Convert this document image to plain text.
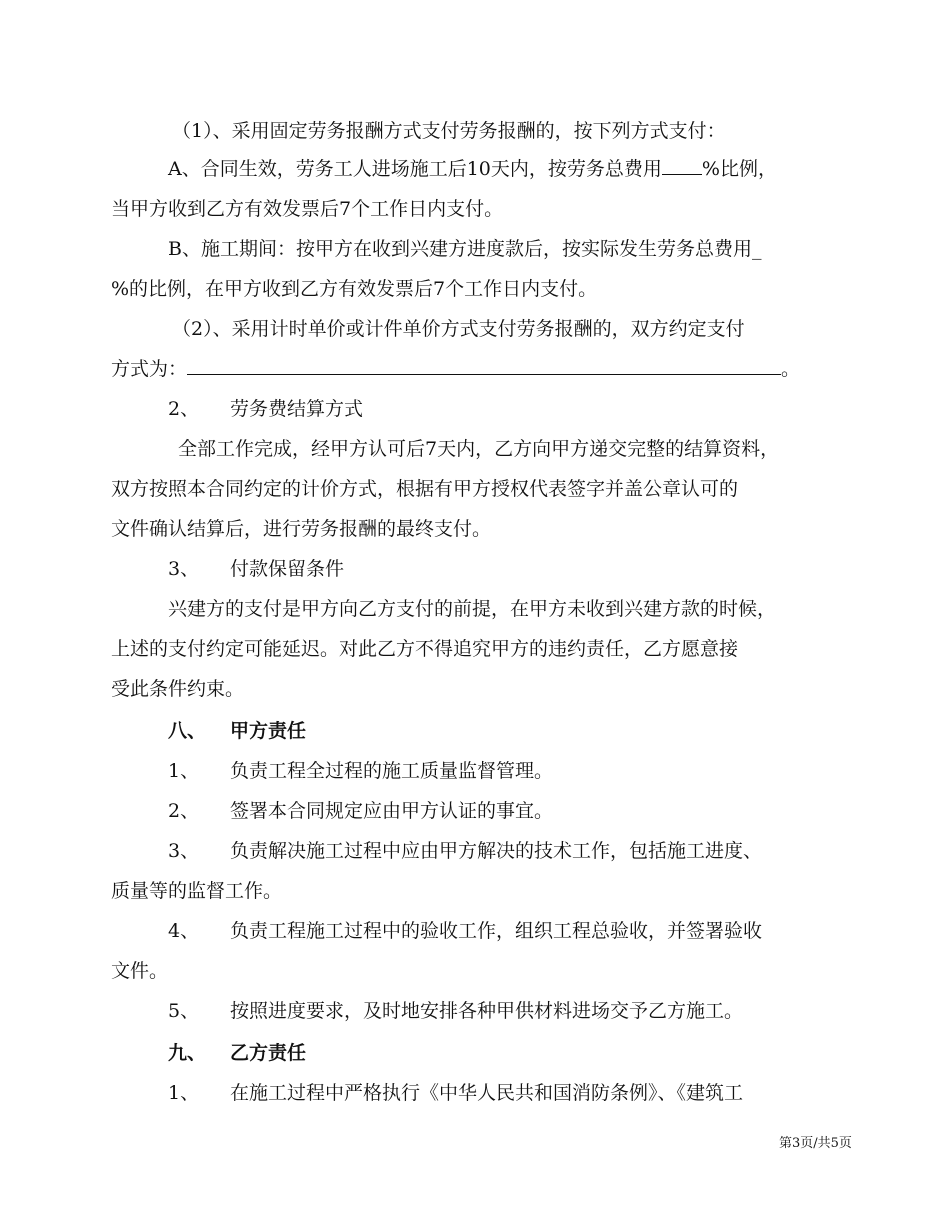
（1）、采用固定劳务报酬方式支付劳务报酬的，按下列方式支付：
A、合同生效，劳务工人进场施工后10天内，按劳务总费用 %比例，
当甲方收到乙方有效发票后7个工作日内支付。
B、施工期间：按甲方在收到兴建方进度款后，按实际发生劳务总费用_
%的比例，在甲方收到乙方有效发票后7个工作日内支付。
（2）、采用计时单价或计件单价方式支付劳务报酬的，双方约定支付
方式为：	。
2、 劳务费结算方式
全部工作完成，经甲方认可后7天内，乙方向甲方递交完整的结算资料，
双方按照本合同约定的计价方式，根据有甲方授权代表签字并盖公章认可的
文件确认结算后，进行劳务报酬的最终支付。
3、 付款保留条件
兴建方的支付是甲方向乙方支付的前提，在甲方未收到兴建方款的时候，
上述的支付约定可能延迟。对此乙方不得追究甲方的违约责任，乙方愿意接
受此条件约束。
八、 甲方责任
1、 负责工程全过程的施工质量监督管理。
2、 签署本合同规定应由甲方认证的事宜。
3、 负责解决施工过程中应由甲方解决的技术工作，包括施工进度、
质量等的监督工作。
4、 负责工程施工过程中的验收工作，组织工程总验收，并签署验收
文件。
5、 按照进度要求，及时地安排各种甲供材料进场交予乙方施工。
九、 乙方责任
1、 在施工过程中严格执行《中华人民共和国消防条例》、《建筑工
第3页/共5页
